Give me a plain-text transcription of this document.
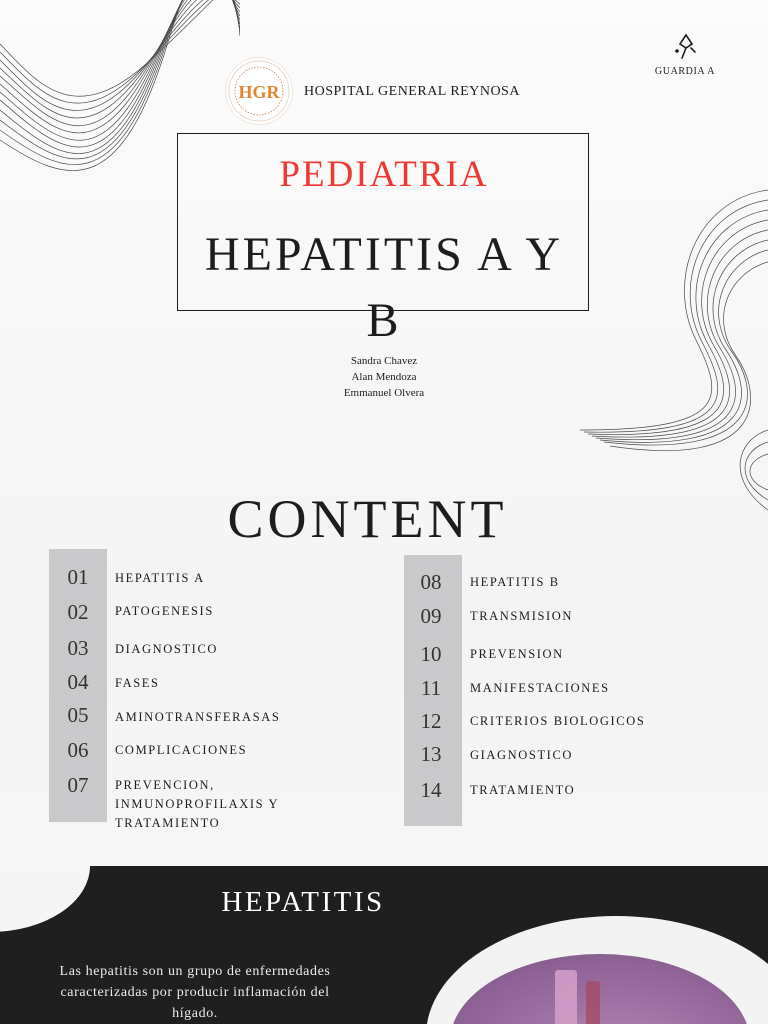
HGR HOSPITAL GENERAL REYNOSA
GUARDIA A
PEDIATRIA
HEPATITIS A Y
B
Sandra Chavez
Alan Mendoza
Emmanuel Olvera
CONTENT
01	HEPATITIS A
02	PATOGENESIS
03	DIAGNOSTICO
04	FASES
05	AMINOTRANSFERASAS
06	COMPLICACIONES
07	PREVENCION,
INMUNOPROFILAXIS Y
TRATAMIENTO
08	HEPATITIS B
09	TRANSMISION
10	PREVENSION
11	MANIFESTACIONES
12	CRITERIOS BIOLOGICOS
13	GIAGNOSTICO
14	TRATAMIENTO
HEPATITIS
Las hepatitis son un grupo de enfermedades
caracterizadas por producir inflamación del
hígado.
